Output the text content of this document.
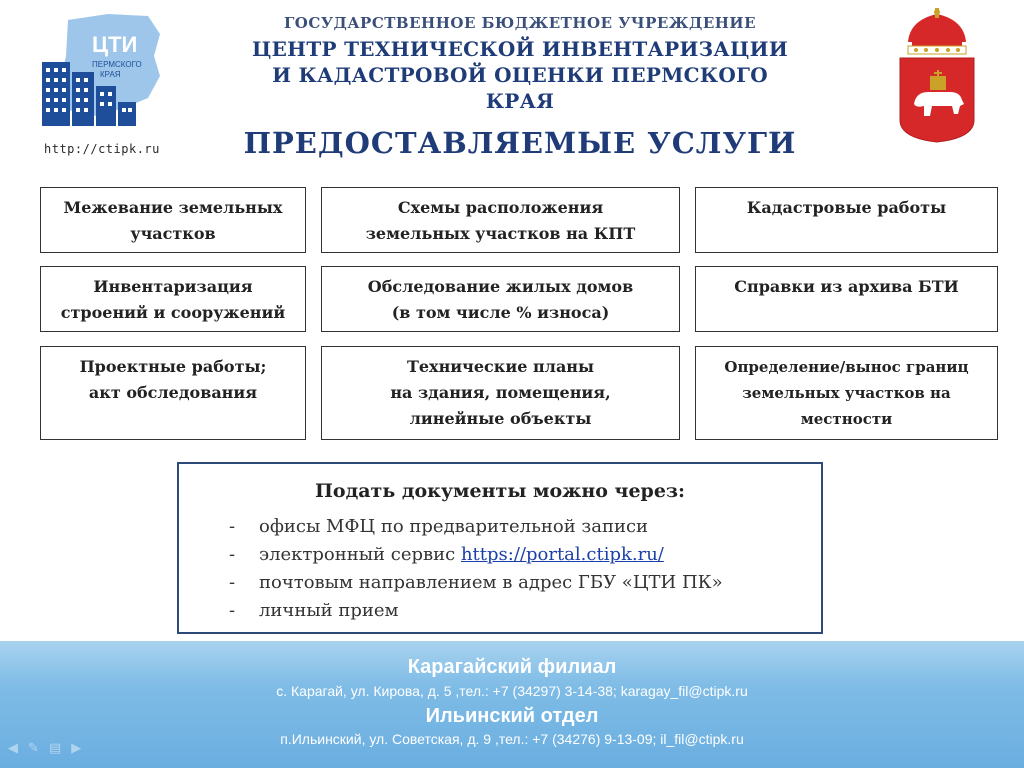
ЦТИ
ПЕРМСКОГО
КРАЯ
http://ctipk.ru
ГОСУДАРСТВЕННОЕ БЮДЖЕТНОЕ УЧРЕЖДЕНИЕ
ЦЕНТР ТЕХНИЧЕСКОЙ ИНВЕНТАРИЗАЦИИ
И КАДАСТРОВОЙ ОЦЕНКИ ПЕРМСКОГО КРАЯ
ПРЕДОСТАВЛЯЕМЫЕ УСЛУГИ
Межевание земельных
участков
Схемы расположения
земельных участков на КПТ
Кадастровые работы
Инвентаризация
строений и сооружений
Обследование жилых домов
(в том числе % износа)
Справки из архива БТИ
Проектные работы;
акт обследования
Технические планы
на здания, помещения,
линейные объекты
Определение/вынос границ
земельных участков на
местности
Подать документы можно через:
-	офисы МФЦ по предварительной записи
-	электронный сервис https://portal.ctipk.ru/
-	почтовым направлением в адрес ГБУ «ЦТИ ПК»
-	личный прием
Карагайский филиал
с. Карагай, ул. Кирова, д. 5 ,тел.: +7 (34297) 3-14-38; karagay_fil@ctipk.ru
Ильинский отдел
п.Ильинский, ул. Советская, д. 9 ,тел.: +7 (34276) 9-13-09; il_fil@ctipk.ru
◀ ✎ ▤ ▶
